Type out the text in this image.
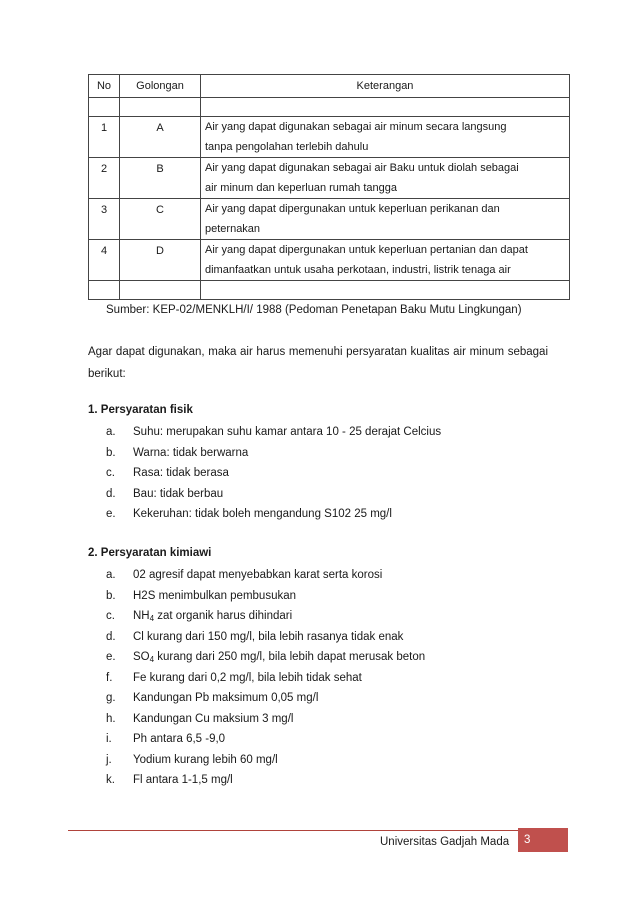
No	Golongan	Keterangan

1	A	Air yang dapat digunakan sebagai air minum secara langsung
tanpa pengolahan terlebih dahulu
2	B	Air yang dapat digunakan sebagai air Baku untuk diolah sebagai
air minum dan keperluan rumah tangga
3	C	Air yang dapat dipergunakan untuk keperluan perikanan dan
peternakan
4	D	Air yang dapat dipergunakan untuk keperluan pertanian dan dapat
dimanfaatkan untuk usaha perkotaan, industri, listrik tenaga air

Sumber: KEP-02/MENKLH/I/ 1988 (Pedoman Penetapan Baku Mutu Lingkungan)
Agar dapat digunakan, maka air harus memenuhi persyaratan kualitas air minum sebagai berikut:
1. Persyaratan fisik
a. Suhu: merupakan suhu kamar antara 10 - 25 derajat Celcius
b. Warna: tidak berwarna
c. Rasa: tidak berasa
d. Bau: tidak berbau
e. Kekeruhan: tidak boleh mengandung S102 25 mg/l
2. Persyaratan kimiawi
a. 02 agresif dapat menyebabkan karat serta korosi
b. H2S menimbulkan pembusukan
c. $NH_4$ zat organik harus dihindari
d. Cl kurang dari 150 mg/l, bila lebih rasanya tidak enak
e. $SO_4$ kurang dari 250 mg/l, bila lebih dapat merusak beton
f. Fe kurang dari 0,2 mg/l, bila lebih tidak sehat
g. Kandungan Pb maksimum 0,05 mg/l
h. Kandungan Cu maksium 3 mg/l
i. Ph antara 6,5 -9,0
j. Yodium kurang lebih 60 mg/l
k. Fl antara 1-1,5 mg/l
Universitas Gadjah Mada	3
